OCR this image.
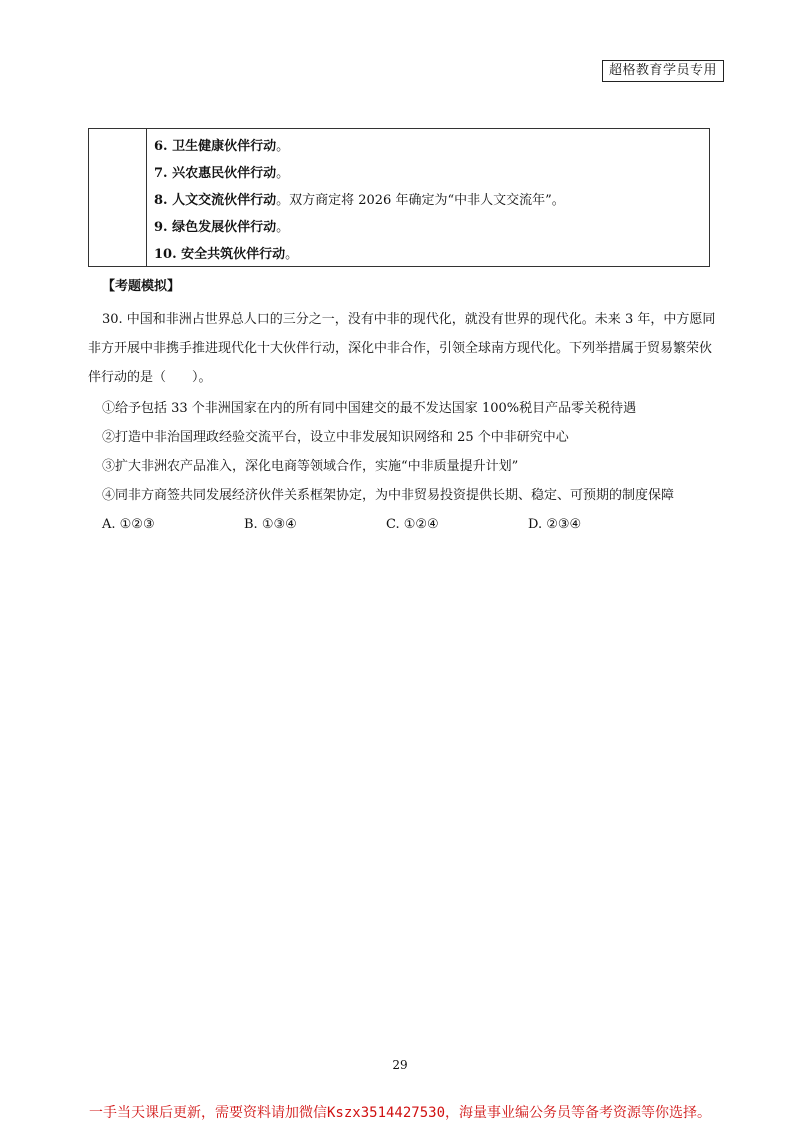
超格教育学员专用
6. 卫生健康伙伴行动。
7. 兴农惠民伙伴行动。
8. 人文交流伙伴行动。双方商定将 2026 年确定为“中非人文交流年”。
9. 绿色发展伙伴行动。
10. 安全共筑伙伴行动。
【考题模拟】
30. 中国和非洲占世界总人口的三分之一，没有中非的现代化，就没有世界的现代化。未来 3 年，中方愿同
非方开展中非携手推进现代化十大伙伴行动，深化中非合作，引领全球南方现代化。下列举措属于贸易繁荣伙
伴行动的是（　　）。
①给予包括 33 个非洲国家在内的所有同中国建交的最不发达国家 100%税目产品零关税待遇
②打造中非治国理政经验交流平台，设立中非发展知识网络和 25 个中非研究中心
③扩大非洲农产品准入，深化电商等领域合作，实施“中非质量提升计划”
④同非方商签共同发展经济伙伴关系框架协定，为中非贸易投资提供长期、稳定、可预期的制度保障
A. ①②③	B. ①③④	C. ①②④	D. ②③④
29
一手当天课后更新，需要资料请加微信Kszx3514427530，海量事业编公务员等备考资源等你选择。
